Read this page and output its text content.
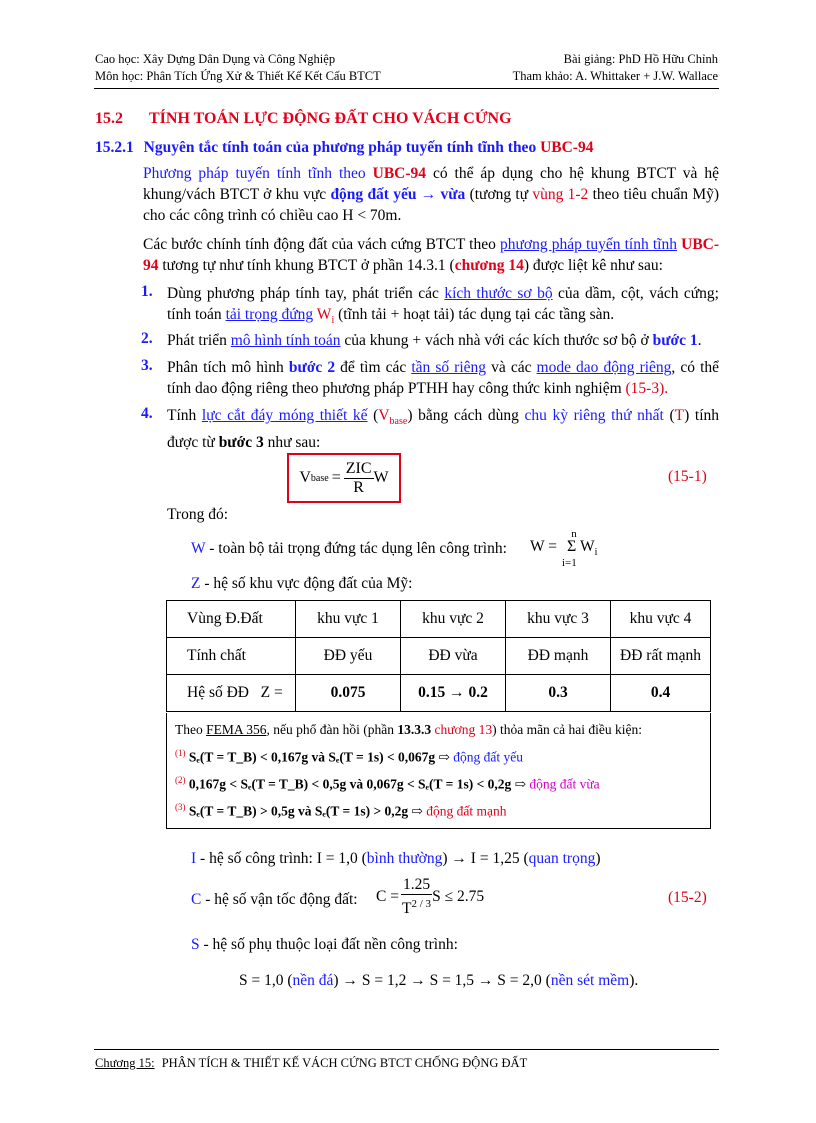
Cao học: Xây Dựng Dân Dụng và Công Nghiệp
Môn học: Phân Tích Ứng Xử & Thiết Kế Kết Cấu BTCT
Bài giảng: PhD Hồ Hữu Chỉnh
Tham khảo: A. Whittaker + J.W. Wallace
15.2 TÍNH TOÁN LỰC ĐỘNG ĐẤT CHO VÁCH CỨNG
15.2.1 Nguyên tắc tính toán của phương pháp tuyến tính tĩnh theo UBC-94
Phương pháp tuyến tính tĩnh theo UBC-94 có thể áp dụng cho hệ khung BTCT và hệ khung/vách BTCT ở khu vực động đất yếu → vừa (tương tự vùng 1-2 theo tiêu chuẩn Mỹ) cho các công trình có chiều cao H < 70m.
Các bước chính tính động đất của vách cứng BTCT theo phương pháp tuyến tính tĩnh UBC-94 tương tự như tính khung BTCT ở phần 14.3.1 (chương 14) được liệt kê như sau:
1. Dùng phương pháp tính tay, phát triển các kích thước sơ bộ của dầm, cột, vách cứng; tính toán tải trọng đứng $W_i$ (tĩnh tải + hoạt tải) tác dụng tại các tầng sàn.
2. Phát triển mô hình tính toán của khung + vách nhà với các kích thước sơ bộ ở bước 1.
3. Phân tích mô hình bước 2 để tìm các tần số riêng và các mode dao động riêng, có thể tính dao động riêng theo phương pháp PTHH hay công thức kinh nghiệm (15-3).
4. Tính lực cắt đáy móng thiết kế $(V_{base})$ bằng cách dùng chu kỳ riêng thứ nhất (T) tính được từ bước 3 như sau:
V base = $\frac{\text{ZIC}}{R}$ W	(15-1)
Trong đó:
W - toàn bộ tải trọng đứng tác dụng lên công trình: W =
n
Σ
i=1
$W_i$
Z - hệ số khu vực động đất của Mỹ:
Vùng Đ.Đất	khu vực 1	khu vực 2	khu vực 3	khu vực 4
Tính chất	ĐĐ yếu	ĐĐ vừa	ĐĐ mạnh	ĐĐ rất mạnh
Hệ số ĐĐ   Z =	0.075	0.15 → 0.2	0.3	0.4
Theo FEMA 356, nếu phổ đàn hồi (phần 13.3.3 chương 13) thỏa mãn cả hai điều kiện:
$^{(1)}$ Sₑ(T = T_B) < 0,167g và Sₑ(T = 1s) < 0,067g ⇨ động đất yếu
$^{(2)}$ 0,167g < Sₑ(T = T_B) < 0,5g và 0,067g < Sₑ(T = 1s) < 0,2g ⇨ động đất vừa
$^{(3)}$ Sₑ(T = T_B) > 0,5g và Sₑ(T = 1s) > 0,2g ⇨ động đất mạnh
I - hệ số công trình: I = 1,0 (bình thường) → I = 1,25 (quan trọng)
C - hệ số vận tốc động đất: $C = \frac{1.25}{T^{2 / 3}}$ S ≤ 2.75	(15-2)
S - hệ số phụ thuộc loại đất nền công trình:
S = 1,0 (nền đá) → S = 1,2 → S = 1,5 → S = 2,0 (nền sét mềm).
Chương 15: PHÂN TÍCH & THIẾT KẾ VÁCH CỨNG BTCT CHỐNG ĐỘNG ĐẤT
